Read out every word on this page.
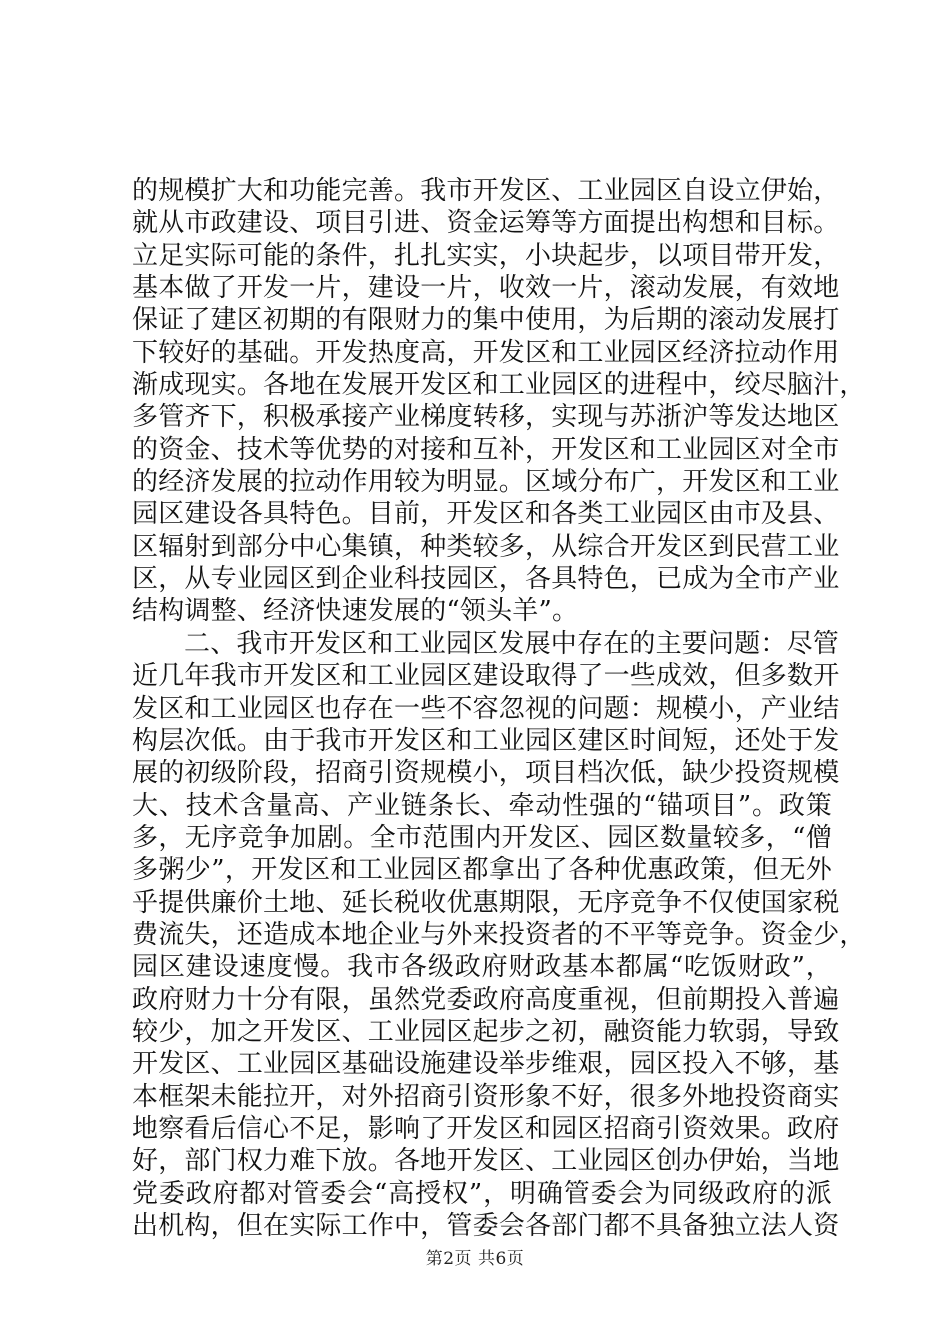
的规模扩大和功能完善。我市开发区、工业园区自设立伊始，
就从市政建设、项目引进、资金运筹等方面提出构想和目标。
立足实际可能的条件，扎扎实实，小块起步，以项目带开发，
基本做了开发一片，建设一片，收效一片，滚动发展，有效地
保证了建区初期的有限财力的集中使用，为后期的滚动发展打
下较好的基础。开发热度高，开发区和工业园区经济拉动作用
渐成现实。各地在发展开发区和工业园区的进程中，绞尽脑汁，
多管齐下，积极承接产业梯度转移，实现与苏浙沪等发达地区
的资金、技术等优势的对接和互补，开发区和工业园区对全市
的经济发展的拉动作用较为明显。区域分布广，开发区和工业
园区建设各具特色。目前，开发区和各类工业园区由市及县、
区辐射到部分中心集镇，种类较多，从综合开发区到民营工业
区，从专业园区到企业科技园区，各具特色，已成为全市产业
结构调整、经济快速发展的“领头羊”。
二、我市开发区和工业园区发展中存在的主要问题：尽管
近几年我市开发区和工业园区建设取得了一些成效，但多数开
发区和工业园区也存在一些不容忽视的问题：规模小，产业结
构层次低。由于我市开发区和工业园区建区时间短，还处于发
展的初级阶段，招商引资规模小，项目档次低，缺少投资规模
大、技术含量高、产业链条长、牵动性强的“锚项目”。政策
多，无序竞争加剧。全市范围内开发区、园区数量较多，“僧
多粥少”，开发区和工业园区都拿出了各种优惠政策，但无外
乎提供廉价土地、延长税收优惠期限，无序竞争不仅使国家税
费流失，还造成本地企业与外来投资者的不平等竞争。资金少，
园区建设速度慢。我市各级政府财政基本都属“吃饭财政”，
政府财力十分有限，虽然党委政府高度重视，但前期投入普遍
较少，加之开发区、工业园区起步之初，融资能力软弱，导致
开发区、工业园区基础设施建设举步维艰，园区投入不够，基
本框架未能拉开，对外招商引资形象不好，很多外地投资商实
地察看后信心不足，影响了开发区和园区招商引资效果。政府
好，部门权力难下放。各地开发区、工业园区创办伊始，当地
党委政府都对管委会“高授权”，明确管委会为同级政府的派
出机构，但在实际工作中，管委会各部门都不具备独立法人资
第2页 共6页
